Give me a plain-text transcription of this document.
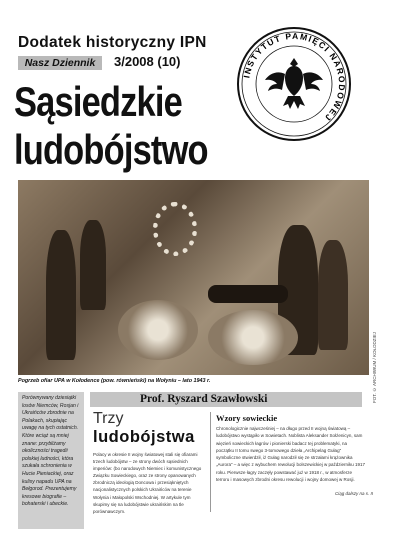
Dodatek historyczny IPN
Nasz Dziennik	3/2008 (10)
Sąsiedzkie
ludobójstwo
INSTYTUT PAMIĘCI NARODOWEJ
FOT. © ARCHIWUM / KOŁODZIEJ
Pogrzeb ofiar UPA w Kołodence (pow. równieński) na Wołyniu – lato 1943 r.
Porównywany dziesiątki losów Niemców, Rosjan i Ukraińców zbrodnie na Polakach, skupiając uwagę na tych ostatnich. Które wciąż są mniej znane: przybliżamy okoliczności tragedii polskiej ludności, która szukała schronienia w Hucie Pieniackiej, oraz kulisy napadu UPA na Bełgorod. Prezentujemy kresowe biografie – bohaterski i ubeckie.
Prof. Ryszard Szawłowski
Trzy
ludobójstwa
Polacy w okresie II wojny światowej stali się ofiarami trzech ludobójstw – ze strony dwóch sąsiednich imperiów: (bo narodowych Niemiec i komunistycznego Związku Sowieckiego, oraz ze strony opanowanych zbrodniczą ideologią Doncowa i przesiąkniętych nacjonalistycznych polskich Ukraińców na terenie Wołynia i Małopolski Wschodniej. W artykule tym skupimy się na ludobójstwie ukraińskim na tle porównawczym.
Wzory sowieckie
Chronologicznie najwcześniej – na długo przed II wojną światową – ludobójstwo wystąpiło w Sowietach. Noblista Aleksander Sołżenicyn, sam więzień sowieckich łagrów i pionierski badacz tej problematyki, na początku II tomu swego 3-tomowego dzieła „Archipelag Gułag” symboliczne stwierdził, iż Gułag narodził się ze strzałami krążownika „Aurora” – a więc z wybuchem rewolucji bolszewickiej w październiku 1917 roku. Pierwsze łagry zaczęły powstawać już w 1918 r., w atmosferze terroru i masowych zbrodni okresu rewolucji i wojny domowej w Rosji.
Ciąg dalszy na s. II
